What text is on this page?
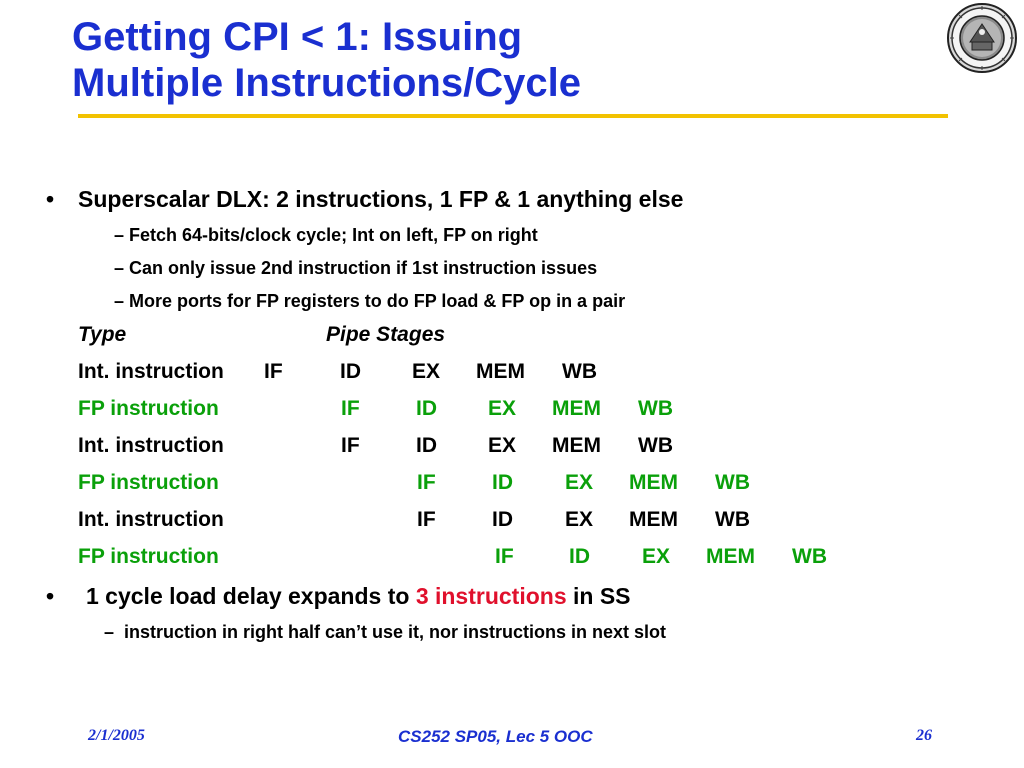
Getting CPI < 1: Issuing
Multiple Instructions/Cycle
• Superscalar DLX: 2 instructions, 1 FP & 1 anything else
– Fetch 64-bits/clock cycle; Int on left, FP on right
– Can only issue 2nd instruction if 1st instruction issues
– More ports for FP registers to do FP load & FP op in a pair
Type	Pipe Stages
Int. instruction IF	ID EX MEM WB
FP instruction	IF	ID EX MEM WB
Int. instruction	IF	ID EX MEM WB
FP instruction	IF	ID EX MEM WB
Int. instruction	IF	ID EX MEM WB
FP instruction	IF	ID EX MEM WB
• 1 cycle load delay expands to 3 instructions in SS
– instruction in right half can’t use it, nor instructions in next slot
2/1/2005	CS252 SP05, Lec 5 OOC	26
